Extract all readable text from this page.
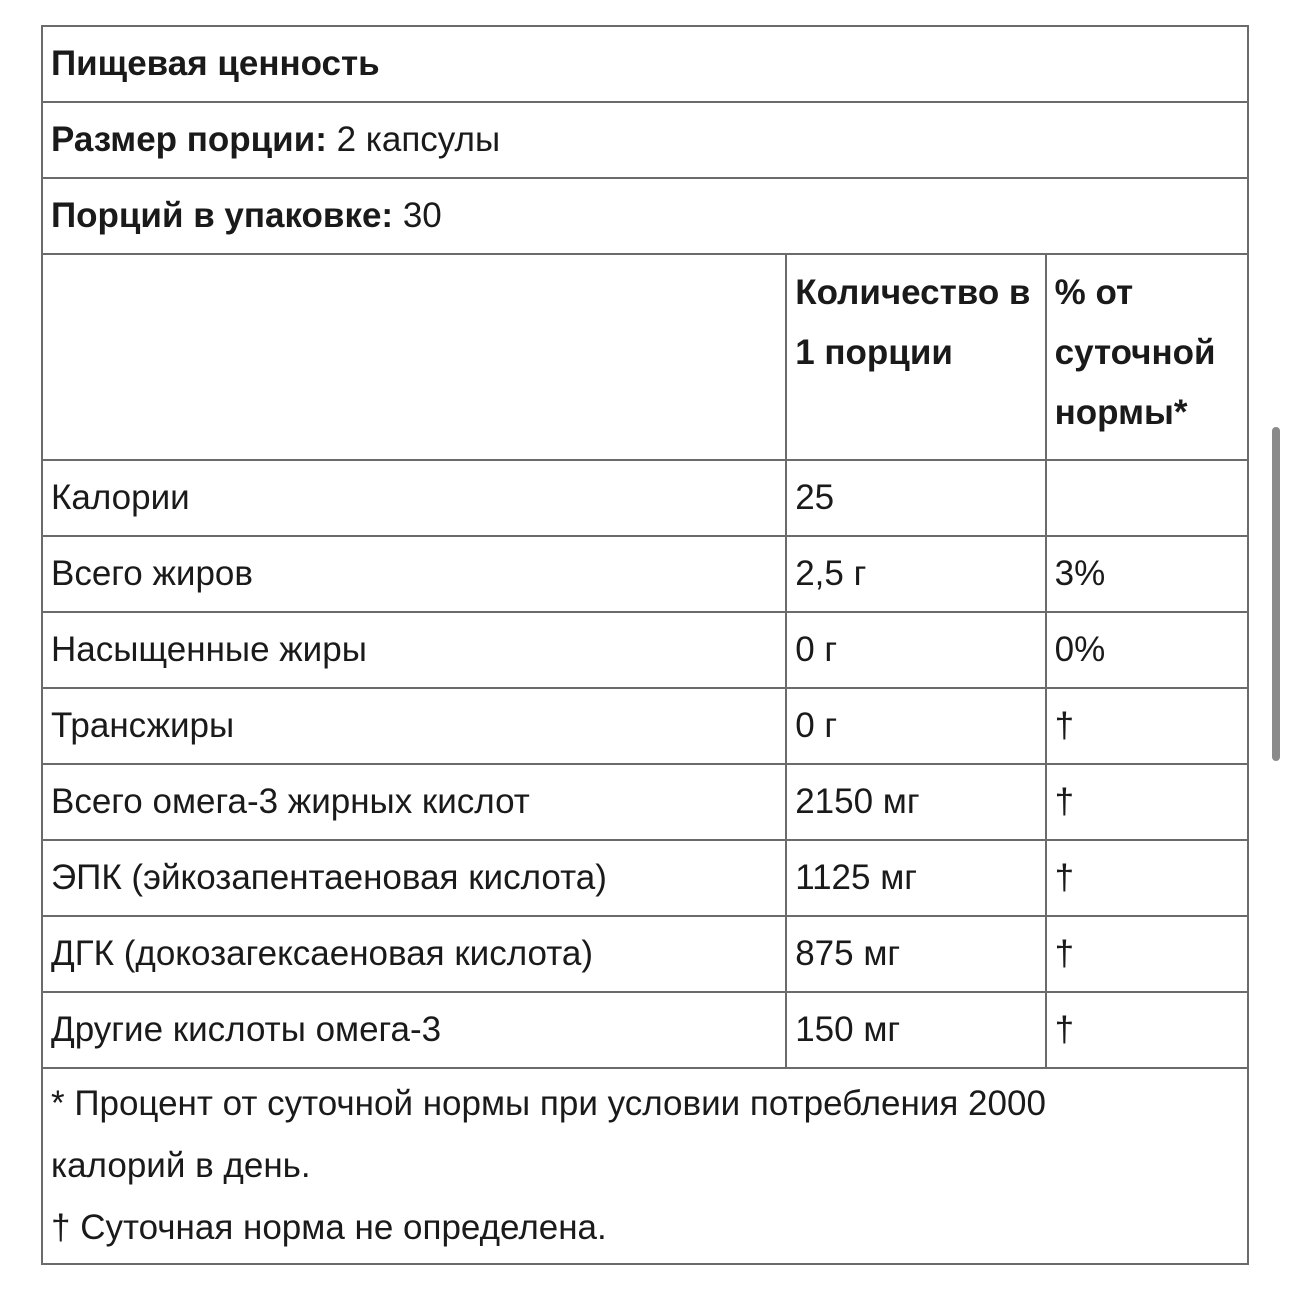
Пищевая ценность		
Размер порции: 2 капсулы		
Порций в упаковке: 30		
	Количество в 1 порции	% от суточной нормы*
Калории	25	
Всего жиров	2,5 г	3%
Насыщенные жиры	0 г	0%
Трансжиры	0 г	†
Всего омега-3 жирных кислот	2150 мг	†
ЭПК (эйкозапентаеновая кислота)	1125 мг	†
ДГК (докозагексаеновая кислота)	875 мг	†
Другие кислоты омега-3	150 мг	†

* Процент от суточной нормы при условии потребления 2000 калорий в день.
† Суточная норма не определена.		
